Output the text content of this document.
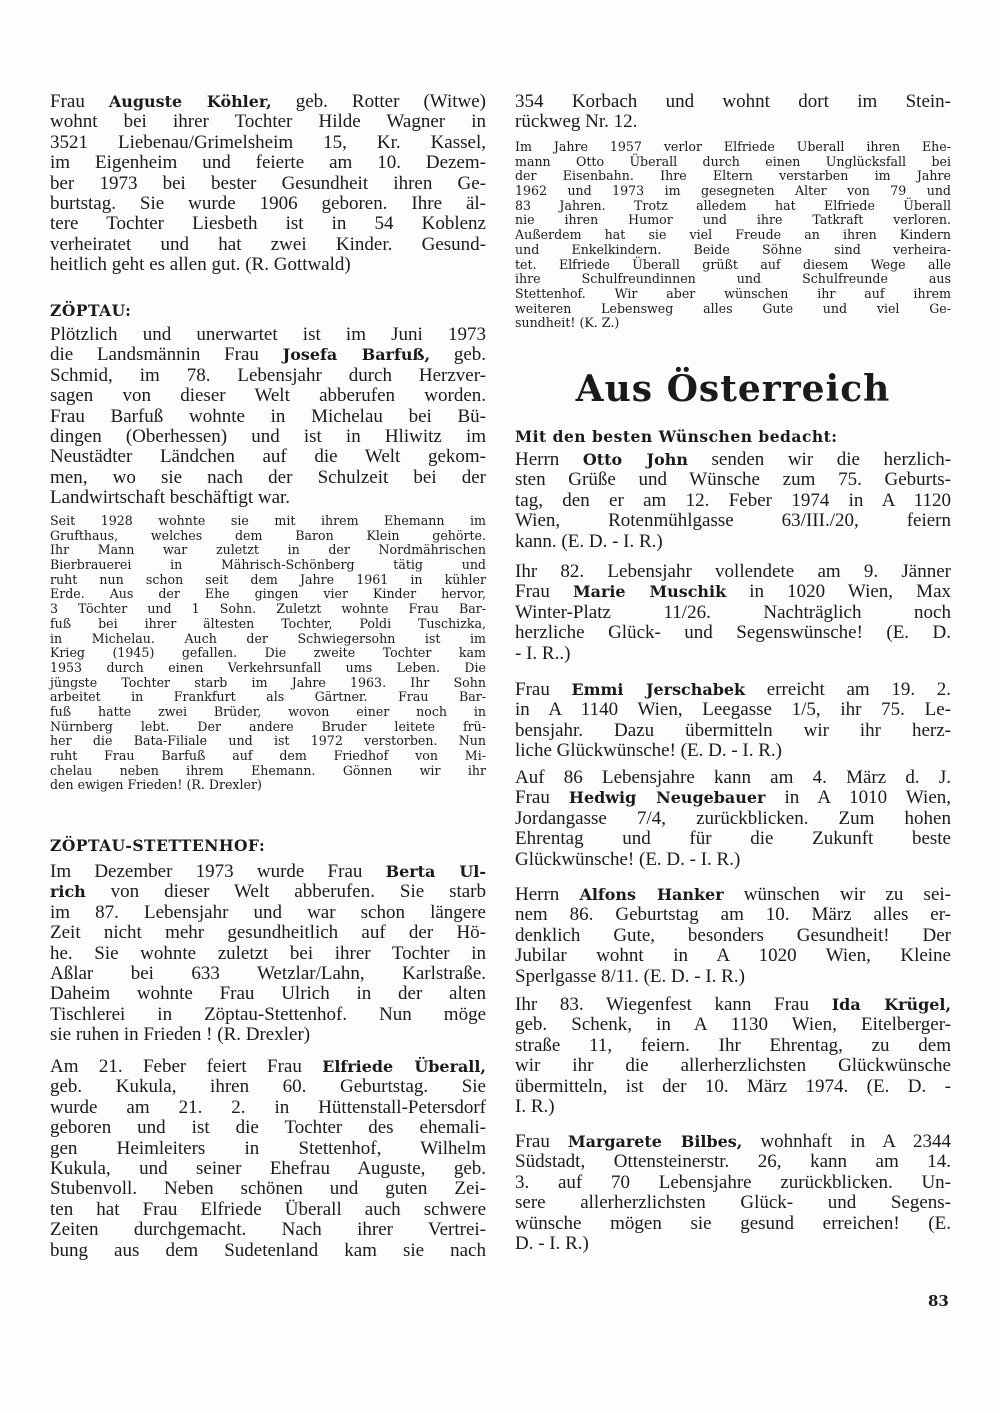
Frau Auguste Köhler, geb. Rotter (Witwe)
wohnt bei ihrer Tochter Hilde Wagner in
3521 Liebenau/Grimelsheim 15, Kr. Kassel,
im Eigenheim und feierte am 10. Dezem-
ber 1973 bei bester Gesundheit ihren Ge-
burtstag. Sie wurde 1906 geboren. Ihre äl-
tere Tochter Liesbeth ist in 54 Koblenz
verheiratet und hat zwei Kinder. Gesund-
heitlich geht es allen gut. (R. Gottwald)
ZÖPTAU:
Plötzlich und unerwartet ist im Juni 1973
die Landsmännin Frau Josefa Barfuß, geb.
Schmid, im 78. Lebensjahr durch Herzver-
sagen von dieser Welt abberufen worden.
Frau Barfuß wohnte in Michelau bei Bü-
dingen (Oberhessen) und ist in Hliwitz im
Neustädter Ländchen auf die Welt gekom-
men, wo sie nach der Schulzeit bei der
Landwirtschaft beschäftigt war.
Seit 1928 wohnte sie mit ihrem Ehemann im
Grufthaus, welches dem Baron Klein gehörte.
Ihr Mann war zuletzt in der Nordmährischen
Bierbrauerei in Mährisch-Schönberg tätig und
ruht nun schon seit dem Jahre 1961 in kühler
Erde. Aus der Ehe gingen vier Kinder hervor,
3 Töchter und 1 Sohn. Zuletzt wohnte Frau Bar-
fuß bei ihrer ältesten Tochter, Poldi Tuschizka,
in Michelau. Auch der Schwiegersohn ist im
Krieg (1945) gefallen. Die zweite Tochter kam
1953 durch einen Verkehrsunfall ums Leben. Die
jüngste Tochter starb im Jahre 1963. Ihr Sohn
arbeitet in Frankfurt als Gärtner. Frau Bar-
fuß hatte zwei Brüder, wovon einer noch in
Nürnberg lebt. Der andere Bruder leitete frü-
her die Bata-Filiale und ist 1972 verstorben. Nun
ruht Frau Barfuß auf dem Friedhof von Mi-
chelau neben ihrem Ehemann. Gönnen wir ihr
den ewigen Frieden! (R. Drexler)
ZÖPTAU-STETTENHOF:
Im Dezember 1973 wurde Frau Berta Ul-
rich von dieser Welt abberufen. Sie starb
im 87. Lebensjahr und war schon längere
Zeit nicht mehr gesundheitlich auf der Hö-
he. Sie wohnte zuletzt bei ihrer Tochter in
Aßlar bei 633 Wetzlar/Lahn, Karlstraße.
Daheim wohnte Frau Ulrich in der alten
Tischlerei in Zöptau-Stettenhof. Nun möge
sie ruhen in Frieden ! (R. Drexler)
Am 21. Feber feiert Frau Elfriede Überall,
geb. Kukula, ihren 60. Geburtstag. Sie
wurde am 21. 2. in Hüttenstall-Petersdorf
geboren und ist die Tochter des ehemali-
gen Heimleiters in Stettenhof, Wilhelm
Kukula, und seiner Ehefrau Auguste, geb.
Stubenvoll. Neben schönen und guten Zei-
ten hat Frau Elfriede Überall auch schwere
Zeiten durchgemacht. Nach ihrer Vertrei-
bung aus dem Sudetenland kam sie nach
354 Korbach und wohnt dort im Stein-
rückweg Nr. 12.
Im Jahre 1957 verlor Elfriede Uberall ihren Ehe-
mann Otto Überall durch einen Unglücksfall bei
der Eisenbahn. Ihre Eltern verstarben im Jahre
1962 und 1973 im gesegneten Alter von 79 und
83 Jahren. Trotz alledem hat Elfriede Überall
nie ihren Humor und ihre Tatkraft verloren.
Außerdem hat sie viel Freude an ihren Kindern
und Enkelkindern. Beide Söhne sind verheira-
tet. Elfriede Überall grüßt auf diesem Wege alle
ihre Schulfreundinnen und Schulfreunde aus
Stettenhof. Wir aber wünschen ihr auf ihrem
weiteren Lebensweg alles Gute und viel Ge-
sundheit! (K. Z.)
Aus Österreich
Mit den besten Wünschen bedacht:
Herrn Otto John senden wir die herzlich-
sten Grüße und Wünsche zum 75. Geburts-
tag, den er am 12. Feber 1974 in A 1120
Wien, Rotenmühlgasse 63/III./20, feiern
kann. (E. D. - I. R.)
Ihr 82. Lebensjahr vollendete am 9. Jänner
Frau Marie Muschik in 1020 Wien, Max
Winter-Platz 11/26. Nachträglich noch
herzliche Glück- und Segenswünsche! (E. D.
- I. R..)
Frau Emmi Jerschabek erreicht am 19. 2.
in A 1140 Wien, Leegasse 1/5, ihr 75. Le-
bensjahr. Dazu übermitteln wir ihr herz-
liche Glückwünsche! (E. D. - I. R.)
Auf 86 Lebensjahre kann am 4. März d. J.
Frau Hedwig Neugebauer in A 1010 Wien,
Jordangasse 7/4, zurückblicken. Zum hohen
Ehrentag und für die Zukunft beste
Glückwünsche! (E. D. - I. R.)
Herrn Alfons Hanker wünschen wir zu sei-
nem 86. Geburtstag am 10. März alles er-
denklich Gute, besonders Gesundheit! Der
Jubilar wohnt in A 1020 Wien, Kleine
Sperlgasse 8/11. (E. D. - I. R.)
Ihr 83. Wiegenfest kann Frau Ida Krügel,
geb. Schenk, in A 1130 Wien, Eitelberger-
straße 11, feiern. Ihr Ehrentag, zu dem
wir ihr die allerherzlichsten Glückwünsche
übermitteln, ist der 10. März 1974. (E. D. -
I. R.)
Frau Margarete Bilbes, wohnhaft in A 2344
Südstadt, Ottensteinerstr. 26, kann am 14.
3. auf 70 Lebensjahre zurückblicken. Un-
sere allerherzlichsten Glück- und Segens-
wünsche mögen sie gesund erreichen! (E.
D. - I. R.)
83
